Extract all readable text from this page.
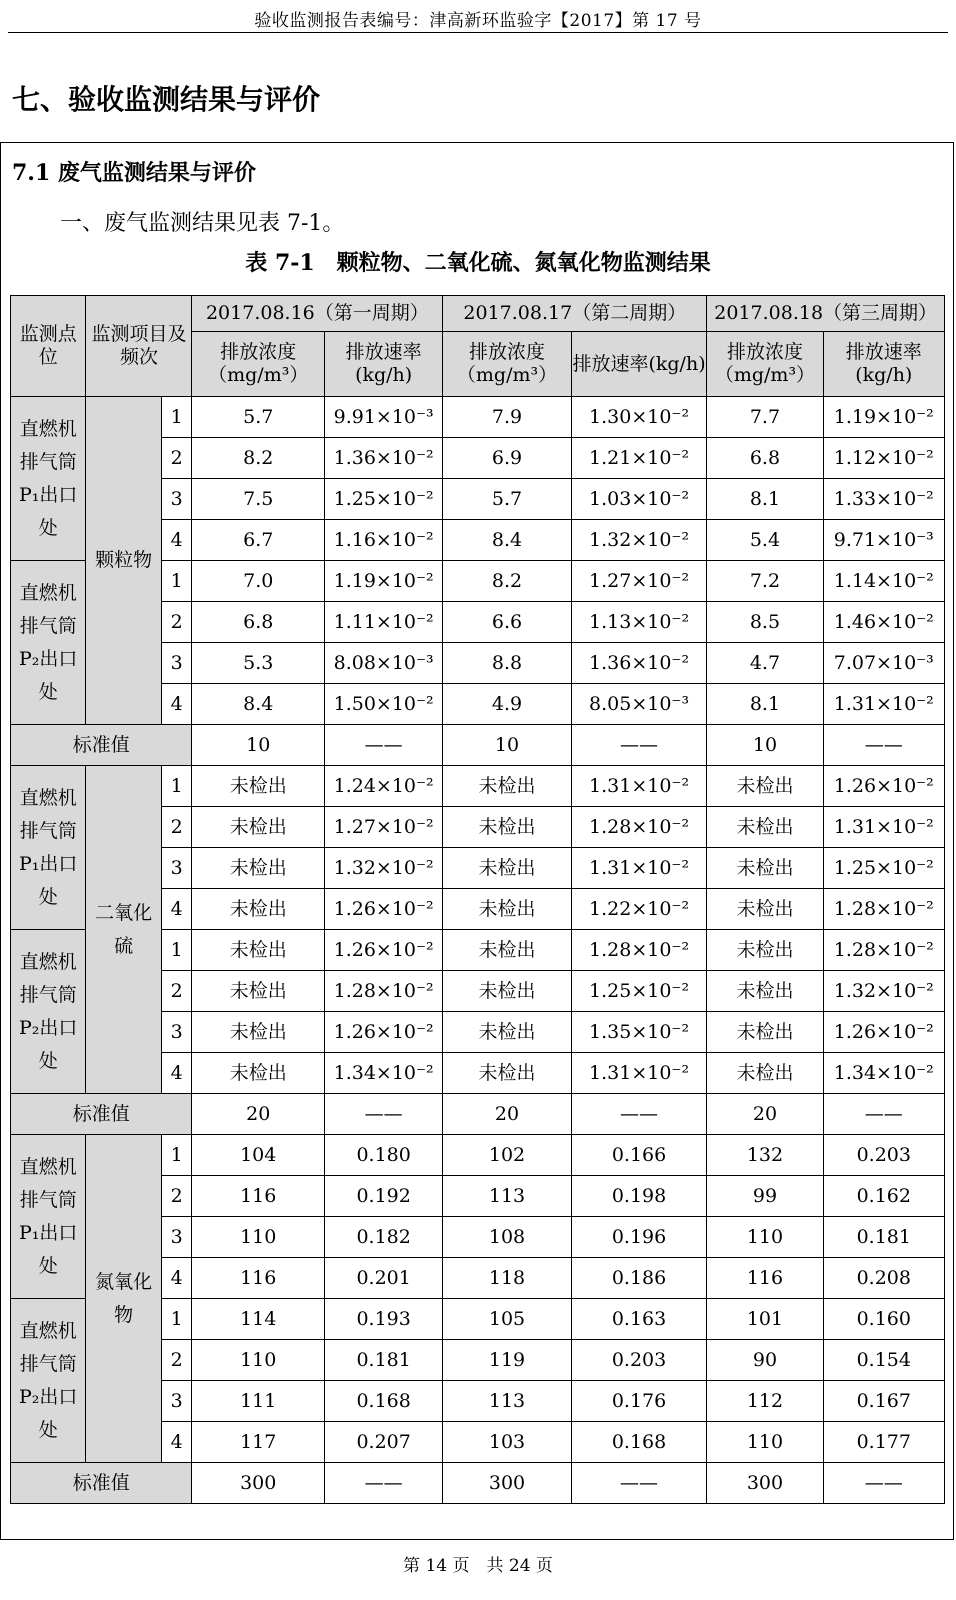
验收监测报告表编号：津高新环监验字【2017】第 17 号
七、验收监测结果与评价
7.1 废气监测结果与评价
一、废气监测结果见表 7-1。
表 7-1　颗粒物、二氧化硫、氮氧化物监测结果
监测点位	监测项目及频次		2017.08.16（第一周期）		2017.08.17（第二周期）		2017.08.18（第三周期）	
			排放浓度（mg/m³）	排放速率(kg/h)	排放浓度（mg/m³）	排放速率(kg/h)	排放浓度（mg/m³）	排放速率(kg/h)
直燃机排气筒P₁出口处	颗粒物	1	5.7	9.91×10⁻³	7.9	1.30×10⁻²	7.7	1.19×10⁻²
		2	8.2	1.36×10⁻²	6.9	1.21×10⁻²	6.8	1.12×10⁻²
		3	7.5	1.25×10⁻²	5.7	1.03×10⁻²	8.1	1.33×10⁻²
		4	6.7	1.16×10⁻²	8.4	1.32×10⁻²	5.4	9.71×10⁻³
直燃机排气筒P₂出口处		1	7.0	1.19×10⁻²	8.2	1.27×10⁻²	7.2	1.14×10⁻²
		2	6.8	1.11×10⁻²	6.6	1.13×10⁻²	8.5	1.46×10⁻²
		3	5.3	8.08×10⁻³	8.8	1.36×10⁻²	4.7	7.07×10⁻³
		4	8.4	1.50×10⁻²	4.9	8.05×10⁻³	8.1	1.31×10⁻²
标准值			10	——	10	——	10	——
直燃机排气筒P₁出口处	二氧化硫	1	未检出	1.24×10⁻²	未检出	1.31×10⁻²	未检出	1.26×10⁻²
		2	未检出	1.27×10⁻²	未检出	1.28×10⁻²	未检出	1.31×10⁻²
		3	未检出	1.32×10⁻²	未检出	1.31×10⁻²	未检出	1.25×10⁻²
		4	未检出	1.26×10⁻²	未检出	1.22×10⁻²	未检出	1.28×10⁻²
直燃机排气筒P₂出口处		1	未检出	1.26×10⁻²	未检出	1.28×10⁻²	未检出	1.28×10⁻²
		2	未检出	1.28×10⁻²	未检出	1.25×10⁻²	未检出	1.32×10⁻²
		3	未检出	1.26×10⁻²	未检出	1.35×10⁻²	未检出	1.26×10⁻²
		4	未检出	1.34×10⁻²	未检出	1.31×10⁻²	未检出	1.34×10⁻²
标准值			20	——	20	——	20	——
直燃机排气筒P₁出口处	氮氧化物	1	104	0.180	102	0.166	132	0.203
		2	116	0.192	113	0.198	99	0.162
		3	110	0.182	108	0.196	110	0.181
		4	116	0.201	118	0.186	116	0.208
直燃机排气筒P₂出口处		1	114	0.193	105	0.163	101	0.160
		2	110	0.181	119	0.203	90	0.154
		3	111	0.168	113	0.176	112	0.167
		4	117	0.207	103	0.168	110	0.177
标准值			300	——	300	——	300	——
第 14 页　共 24 页
